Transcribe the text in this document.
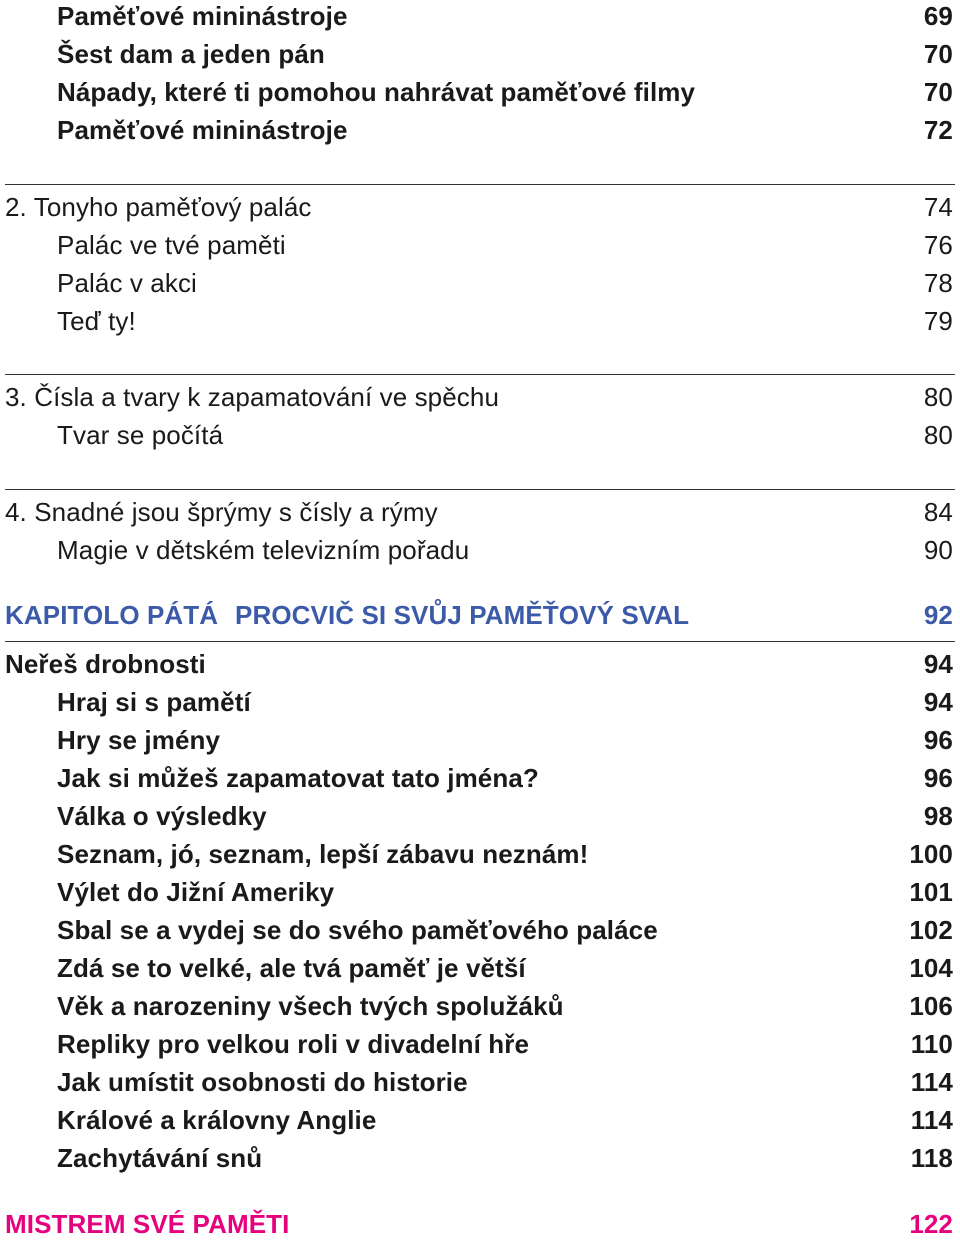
Paměťové mininástroje	69
Šest dam a jeden pán	70
Nápady, které ti pomohou nahrávat paměťové filmy	70
Paměťové mininástroje	72
2. Tonyho paměťový palác	74
Palác ve tvé paměti	76
Palác v akci	78
Teď ty!	79
3. Čísla a tvary k zapamatování ve spěchu	80
Tvar se počítá	80
4. Snadné jsou šprýmy s čísly a rýmy	84
Magie v dětském televizním pořadu	90
KAPITOLO PÁTÁ PROCVIČ SI SVŮJ PAMĚŤOVÝ SVAL	92
Neřeš drobnosti	94
Hraj si s pamětí	94
Hry se jmény	96
Jak si můžeš zapamatovat tato jména?	96
Válka o výsledky	98
Seznam, jó, seznam, lepší zábavu neznám!	100
Výlet do Jižní Ameriky	101
Sbal se a vydej se do svého paměťového paláce	102
Zdá se to velké, ale tvá paměť je větší	104
Věk a narozeniny všech tvých spolužáků	106
Repliky pro velkou roli v divadelní hře	110
Jak umístit osobnosti do historie	114
Králové a královny Anglie	114
Zachytávání snů	118
MISTREM SVÉ PAMĚTI	122
